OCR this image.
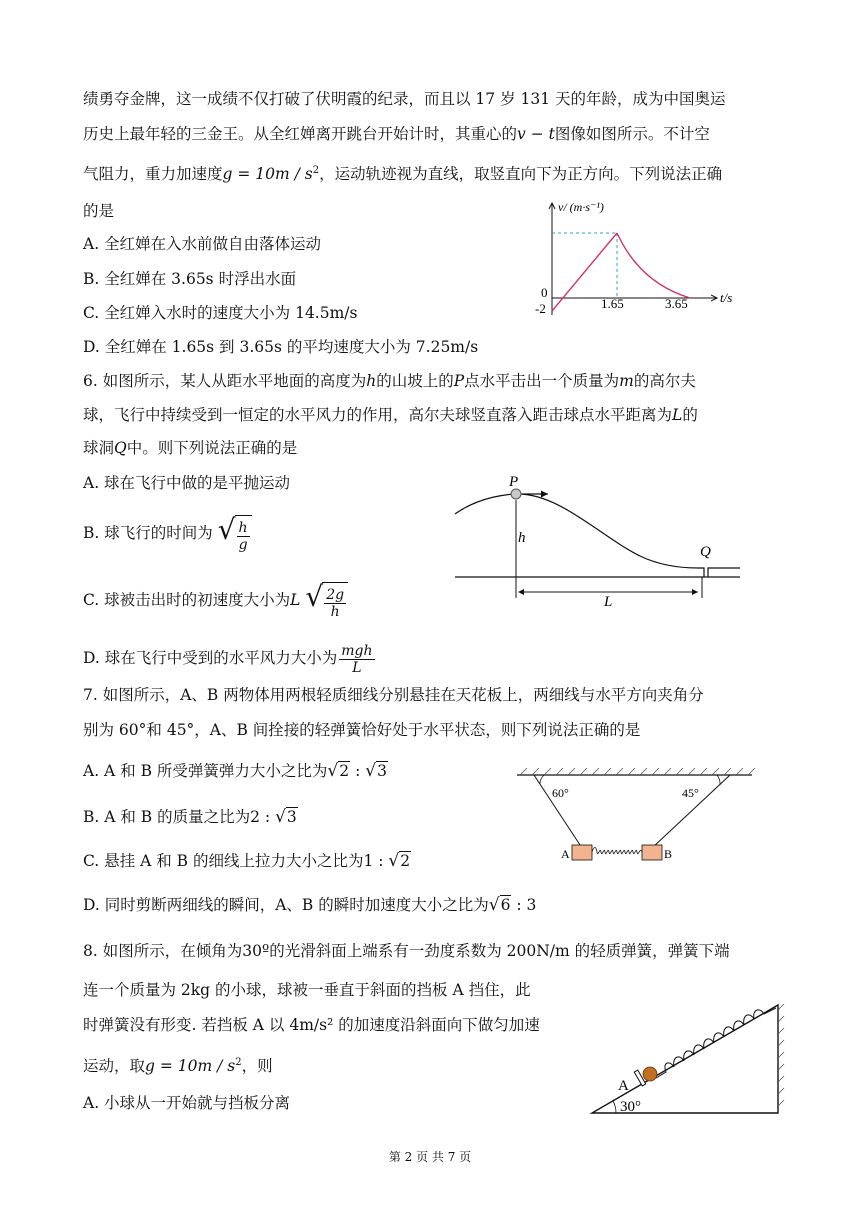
绩勇夺金牌，这一成绩不仅打破了伏明霞的纪录，而且以 17 岁 131 天的年龄，成为中国奥运
历史上最年轻的三金王。从全红婵离开跳台开始计时，其重心的v − t图像如图所示。不计空
气阻力，重力加速度$g = 10m / s^2$，运动轨迹视为直线，取竖直向下为正方向。下列说法正确
的是
A. 全红婵在入水前做自由落体运动
B. 全红婵在 3.65s 时浮出水面
C. 全红婵入水时的速度大小为 14.5m/s
D. 全红婵在 1.65s 到 3.65s 的平均速度大小为 7.25m/s
v/ (m·s⁻¹)
t/s
0
-2	1.65	3.65
6. 如图所示，某人从距水平地面的高度为h的山坡上的P点水平击出一个质量为m的高尔夫
球，飞行中持续受到一恒定的水平风力的作用，高尔夫球竖直落入距击球点水平距离为L的
球洞Q中。则下列说法正确的是
A. 球在飞行中做的是平抛运动
B. 球飞行的时间为 √ $\frac{h}{g}$
C. 球被击出时的初速度大小为L √ $\frac{2g}{h}$
D. 球在飞行中受到的水平风力大小为 $\frac{\text{mgh}}{L}$
P
h
Q
L
7. 如图所示，A、B 两物体用两根轻质细线分别悬挂在天花板上，两细线与水平方向夹角分
别为 60°和 45°，A、B 间拴接的轻弹簧恰好处于水平状态，则下列说法正确的是
A. A 和 B 所受弹簧弹力大小之比为√2 : √3
B. A 和 B 的质量之比为2 : √3
C. 悬挂 A 和 B 的细线上拉力大小之比为1 : √2
D. 同时剪断两细线的瞬间，A、B 的瞬时加速度大小之比为√6 : 3
60°	45°
A	B
8. 如图所示，在倾角为30º的光滑斜面上端系有一劲度系数为 200N/m 的轻质弹簧，弹簧下端
连一个质量为 2kg 的小球，球被一垂直于斜面的挡板 A 挡住，此
时弹簧没有形变. 若挡板 A 以 4m/s² 的加速度沿斜面向下做匀加速
运动，取$g = 10m / s^2$，则
A. 小球从一开始就与挡板分离
A
30°
第 2 页 共 7 页
